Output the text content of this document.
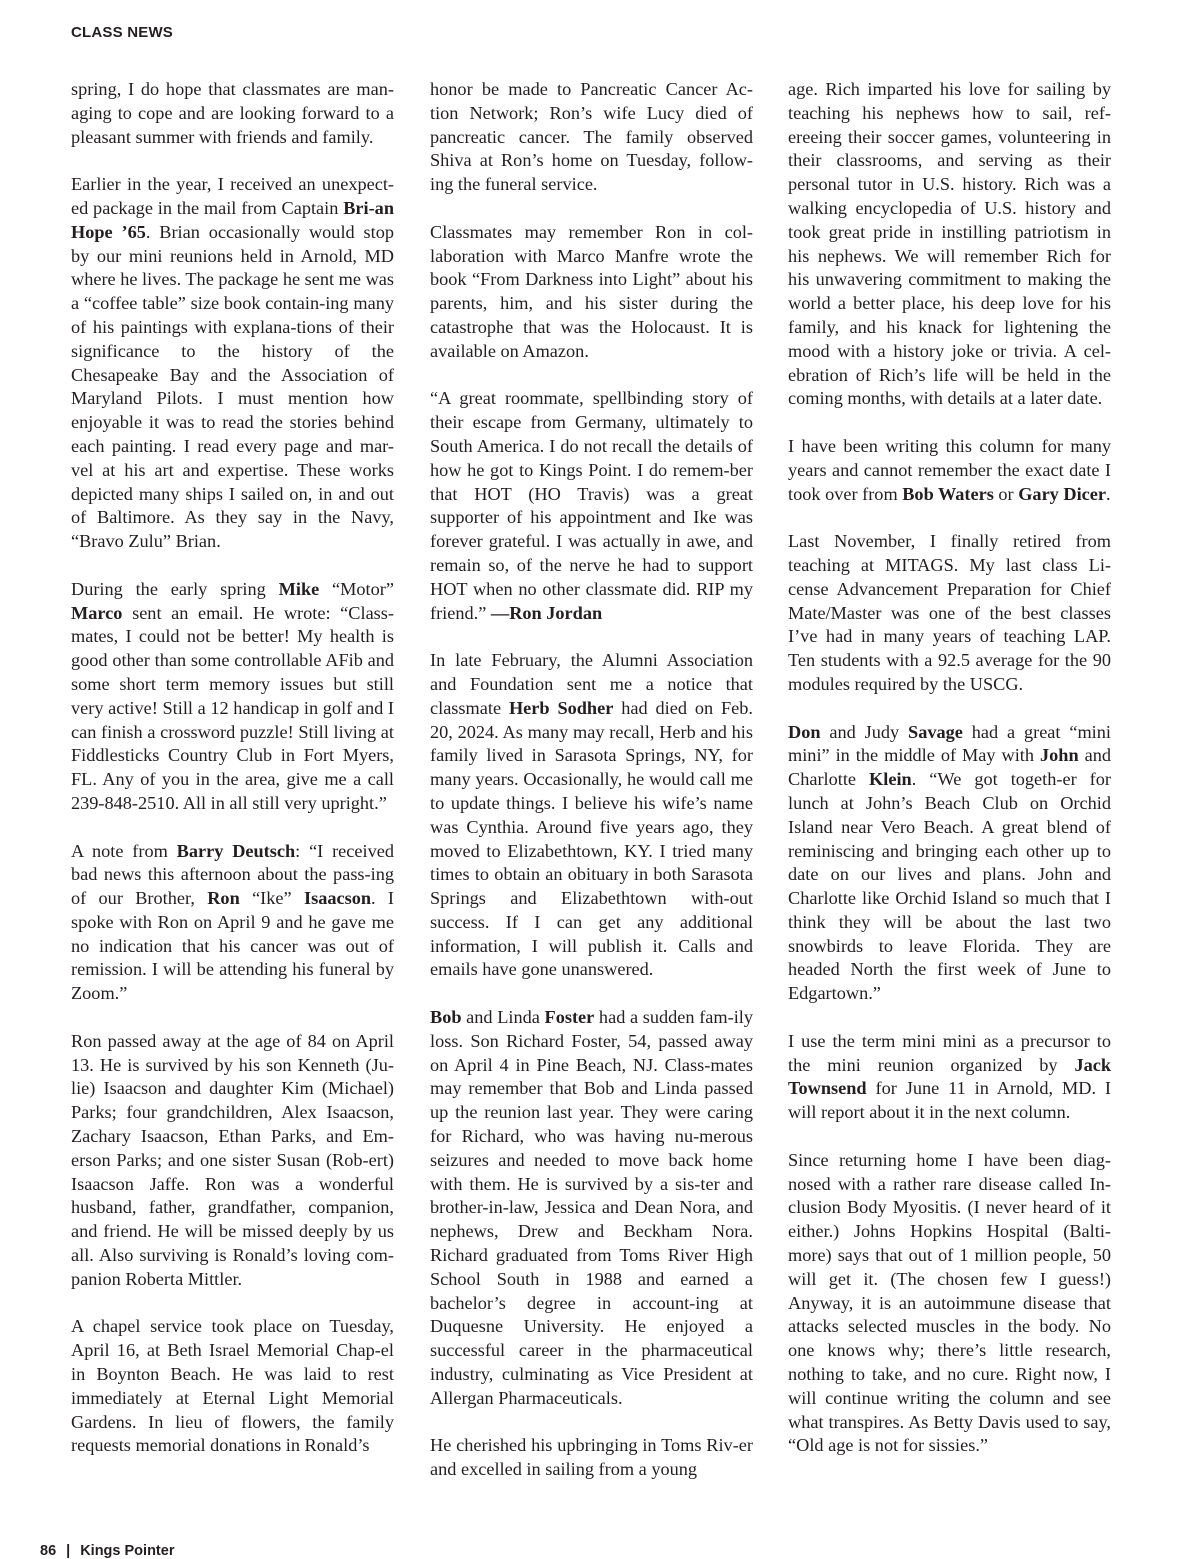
CLASS NEWS

spring, I do hope that classmates are man-aging to cope and are looking forward to a pleasant summer with friends and family.

Earlier in the year, I received an unexpect-ed package in the mail from Captain Bri-an Hope ’65. Brian occasionally would stop by our mini reunions held in Arnold, MD where he lives. The package he sent me was a “coffee table” size book contain-ing many of his paintings with explana-tions of their significance to the history of the Chesapeake Bay and the Association of Maryland Pilots. I must mention how enjoyable it was to read the stories behind each painting. I read every page and mar-vel at his art and expertise. These works depicted many ships I sailed on, in and out of Baltimore. As they say in the Navy, “Bravo Zulu” Brian.

During the early spring Mike “Motor” Marco sent an email. He wrote: “Class-mates, I could not be better! My health is good other than some controllable AFib and some short term memory issues but still very active! Still a 12 handicap in golf and I can finish a crossword puzzle! Still living at Fiddlesticks Country Club in Fort Myers, FL. Any of you in the area, give me a call 239-848-2510. All in all still very upright.”

A note from Barry Deutsch: “I received bad news this afternoon about the pass-ing of our Brother, Ron “Ike” Isaacson. I spoke with Ron on April 9 and he gave me no indication that his cancer was out of remission. I will be attending his funeral by Zoom.”

Ron passed away at the age of 84 on April 13. He is survived by his son Kenneth (Ju-lie) Isaacson and daughter Kim (Michael) Parks; four grandchildren, Alex Isaacson, Zachary Isaacson, Ethan Parks, and Em-erson Parks; and one sister Susan (Rob-ert) Isaacson Jaffe. Ron was a wonderful husband, father, grandfather, companion, and friend. He will be missed deeply by us all. Also surviving is Ronald’s loving com-panion Roberta Mittler.

A chapel service took place on Tuesday, April 16, at Beth Israel Memorial Chap-el in Boynton Beach. He was laid to rest immediately at Eternal Light Memorial Gardens. In lieu of flowers, the family requests memorial donations in Ronald’s

honor be made to Pancreatic Cancer Ac-tion Network; Ron’s wife Lucy died of pancreatic cancer. The family observed Shiva at Ron’s home on Tuesday, follow-ing the funeral service.

Classmates may remember Ron in col-laboration with Marco Manfre wrote the book “From Darkness into Light” about his parents, him, and his sister during the catastrophe that was the Holocaust. It is available on Amazon.

“A great roommate, spellbinding story of their escape from Germany, ultimately to South America. I do not recall the details of how he got to Kings Point. I do remem-ber that HOT (HO Travis) was a great supporter of his appointment and Ike was forever grateful. I was actually in awe, and remain so, of the nerve he had to support HOT when no other classmate did. RIP my friend.” —Ron Jordan

In late February, the Alumni Association and Foundation sent me a notice that classmate Herb Sodher had died on Feb. 20, 2024. As many may recall, Herb and his family lived in Sarasota Springs, NY, for many years. Occasionally, he would call me to update things. I believe his wife’s name was Cynthia. Around five years ago, they moved to Elizabethtown, KY. I tried many times to obtain an obituary in both Sarasota Springs and Elizabethtown with-out success. If I can get any additional information, I will publish it. Calls and emails have gone unanswered.

Bob and Linda Foster had a sudden fam-ily loss. Son Richard Foster, 54, passed away on April 4 in Pine Beach, NJ. Class-mates may remember that Bob and Linda passed up the reunion last year. They were caring for Richard, who was having nu-merous seizures and needed to move back home with them. He is survived by a sis-ter and brother-in-law, Jessica and Dean Nora, and nephews, Drew and Beckham Nora. Richard graduated from Toms River High School South in 1988 and earned a bachelor’s degree in account-ing at Duquesne University. He enjoyed a successful career in the pharmaceutical industry, culminating as Vice President at Allergan Pharmaceuticals.

He cherished his upbringing in Toms Riv-er and excelled in sailing from a young

age. Rich imparted his love for sailing by teaching his nephews how to sail, ref-ereeing their soccer games, volunteering in their classrooms, and serving as their personal tutor in U.S. history. Rich was a walking encyclopedia of U.S. history and took great pride in instilling patriotism in his nephews. We will remember Rich for his unwavering commitment to making the world a better place, his deep love for his family, and his knack for lightening the mood with a history joke or trivia. A cel-ebration of Rich’s life will be held in the coming months, with details at a later date.

I have been writing this column for many years and cannot remember the exact date I took over from Bob Waters or Gary Dicer.

Last November, I finally retired from teaching at MITAGS. My last class Li-cense Advancement Preparation for Chief Mate/Master was one of the best classes I’ve had in many years of teaching LAP. Ten students with a 92.5 average for the 90 modules required by the USCG.

Don and Judy Savage had a great “mini mini” in the middle of May with John and Charlotte Klein. “We got togeth-er for lunch at John’s Beach Club on Orchid Island near Vero Beach. A great blend of reminiscing and bringing each other up to date on our lives and plans. John and Charlotte like Orchid Island so much that I think they will be about the last two snowbirds to leave Florida. They are headed North the first week of June to Edgartown.”

I use the term mini mini as a precursor to the mini reunion organized by Jack Townsend for June 11 in Arnold, MD. I will report about it in the next column.

Since returning home I have been diag-nosed with a rather rare disease called In-clusion Body Myositis. (I never heard of it either.) Johns Hopkins Hospital (Balti-more) says that out of 1 million people, 50 will get it. (The chosen few I guess!) Anyway, it is an autoimmune disease that attacks selected muscles in the body. No one knows why; there’s little research, nothing to take, and no cure. Right now, I will continue writing the column and see what transpires. As Betty Davis used to say, “Old age is not for sissies.”

86 | Kings Pointer
